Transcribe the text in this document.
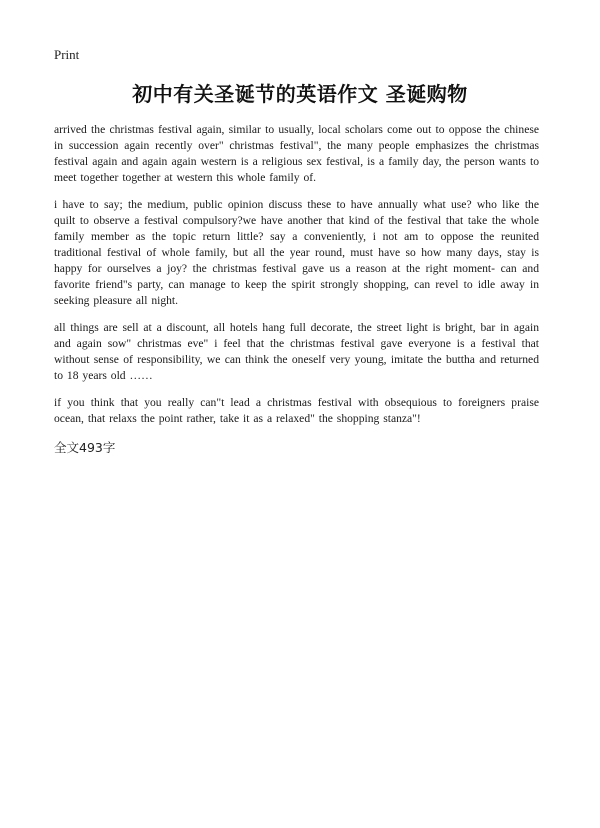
Print
初中有关圣诞节的英语作文 圣诞购物

arrived the christmas festival again, similar to usually, local scholars come out to oppose the chinese in succession again recently over" christmas festival", the many people emphasizes the christmas festival again and again again western is a religious sex festival, is a family day, the person wants to meet together together at western this whole family of.

i have to say; the medium, public opinion discuss these to have annually what use? who like the quilt to observe a festival compulsory?we have another that kind of the festival that take the whole family member as the topic return little? say a conveniently, i not am to oppose the reunited traditional festival of whole family, but all the year round, must have so how many days, stay is happy for ourselves a joy? the christmas festival gave us a reason at the right moment- can and favorite friend"s party, can manage to keep the spirit strongly shopping, can revel to idle away in seeking pleasure all night.

all things are sell at a discount, all hotels hang full decorate, the street light is bright, bar in again and again sow" christmas eve" i feel that the christmas festival gave everyone is a festival that without sense of responsibility, we can think the oneself very young, imitate the buttha and returned to 18 years old ……

if you think that you really can"t lead a christmas festival with obsequious to foreigners praise ocean, that relaxs the point rather, take it as a relaxed" the shopping stanza"!

全文493字
